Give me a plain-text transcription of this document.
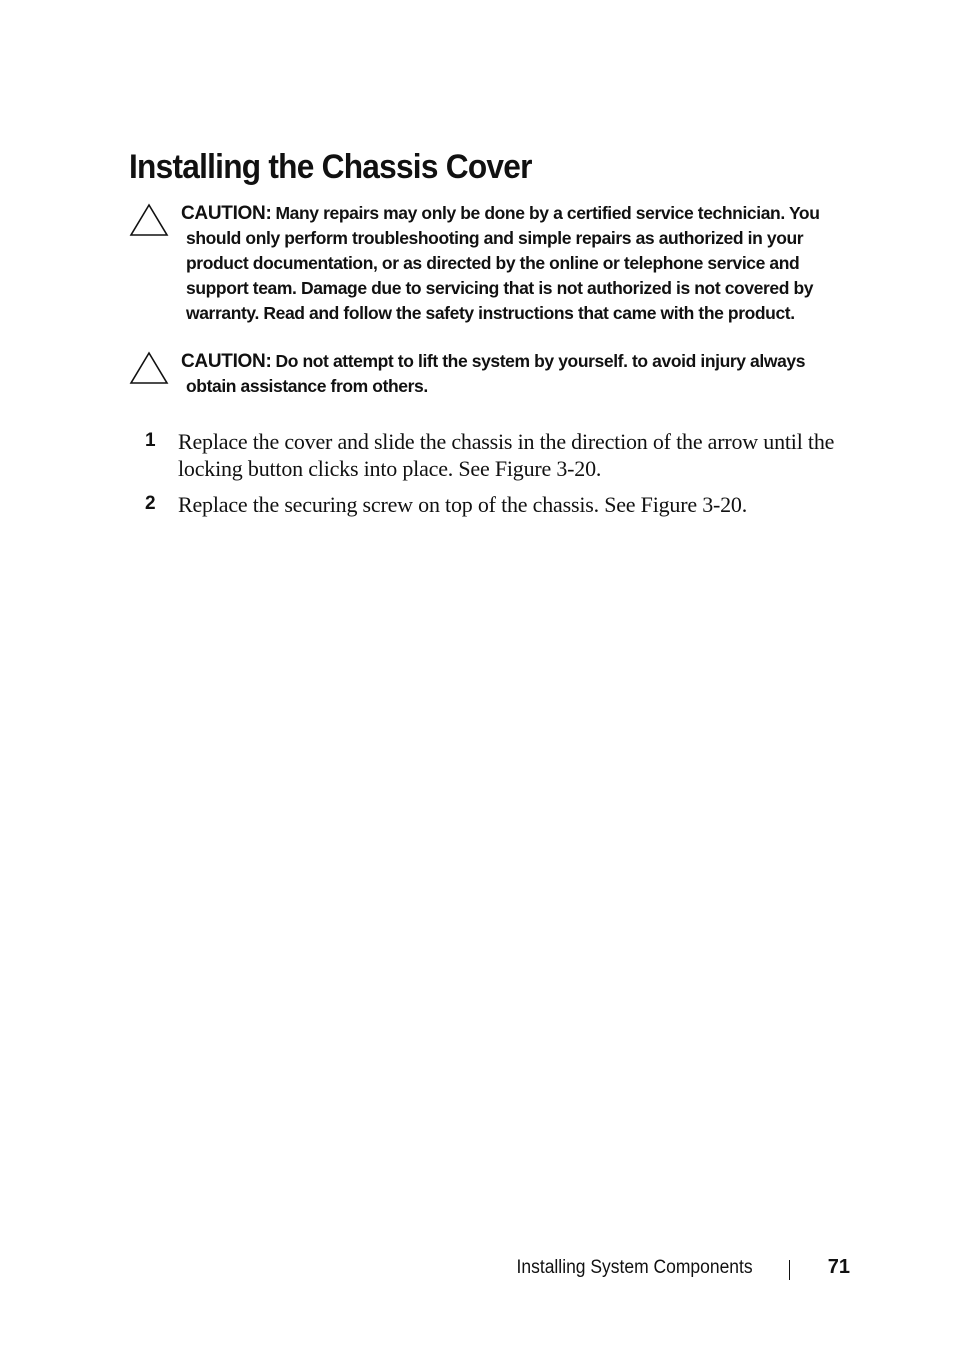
Installing the Chassis Cover

CAUTION: Many repairs may only be done by a certified service technician. You should only perform troubleshooting and simple repairs as authorized in your product documentation, or as directed by the online or telephone service and support team. Damage due to servicing that is not authorized is not covered by warranty. Read and follow the safety instructions that came with the product.

CAUTION: Do not attempt to lift the system by yourself. to avoid injury always obtain assistance from others.

1 Replace the cover and slide the chassis in the direction of the arrow until the locking button clicks into place. See Figure 3-20.
2 Replace the securing screw on top of the chassis. See Figure 3-20.
Installing System Components	71
